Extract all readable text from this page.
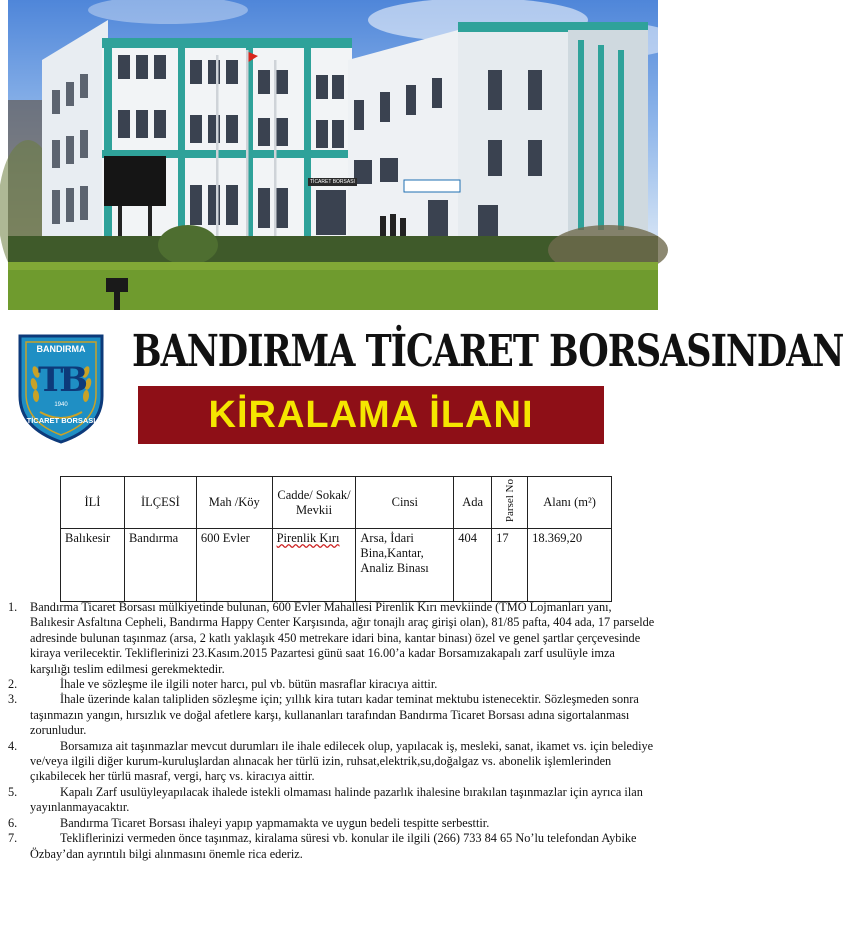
TİCARET BORSASI
BANDIRMA
TB
1940
TİCARET BORSASI
BANDIRMA TİCARET BORSASINDAN
KİRALAMA İLANI
İLİ	İLÇESİ	Mah /Köy	Cadde/ Sokak/ Mevkii	Cinsi	Ada	Parsel No	Alanı (m²)
Balıkesir	Bandırma	600 Evler	Pirenlik Kırı	Arsa, İdari Bina,Kantar, Analiz Binası	404	17	18.369,20
1.	Bandırma Ticaret Borsası mülkiyetinde bulunan, 600 Evler Mahallesi Pirenlik Kırı mevkiinde (TMO Lojmanları yanı, Balıkesir Asfaltına Cepheli, Bandırma Happy Center Karşısında, ağır tonajlı araç girişi olan), 81/85 pafta, 404 ada, 17 parselde adresinde bulunan taşınmaz (arsa, 2 katlı yaklaşık 450 metrekare idari bina, kantar binası) özel ve genel şartlar çerçevesinde kiraya verilecektir. Tekliflerinizi 23.Kasım.2015 Pazartesi günü saat 16.00’a kadar Borsamızakapalı zarf usulüyle imza karşılığı teslim edilmesi gerekmektedir.
2.	İhale ve sözleşme ile ilgili noter harcı, pul vb. bütün masraflar kiracıya aittir.
3.	İhale üzerinde kalan talipliden sözleşme için; yıllık kira tutarı kadar teminat mektubu istenecektir. Sözleşmeden sonra taşınmazın yangın, hırsızlık ve doğal afetlere karşı, kullananları tarafından Bandırma Ticaret Borsası adına sigortalanması zorunludur.
4.	Borsamıza ait taşınmazlar mevcut durumları ile ihale edilecek olup, yapılacak iş, mesleki, sanat, ikamet vs. için belediye ve/veya ilgili diğer kurum-kuruluşlardan alınacak her türlü izin, ruhsat,elektrik,su,doğalgaz vs. abonelik işlemlerinden çıkabilecek her türlü masraf, vergi, harç vs. kiracıya aittir.
5.	Kapalı Zarf usulüyleyapılacak ihalede istekli olmaması halinde pazarlık ihalesine bırakılan taşınmazlar için ayrıca ilan yayınlanmayacaktır.
6.	Bandırma Ticaret Borsası ihaleyi yapıp yapmamakta ve uygun bedeli tespitte serbesttir.
7.	Tekliflerinizi vermeden önce taşınmaz, kiralama süresi vb. konular ile ilgili (266) 733 84 65 No’lu telefondan Aybike Özbay’dan ayrıntılı bilgi alınmasını önemle rica ederiz.
